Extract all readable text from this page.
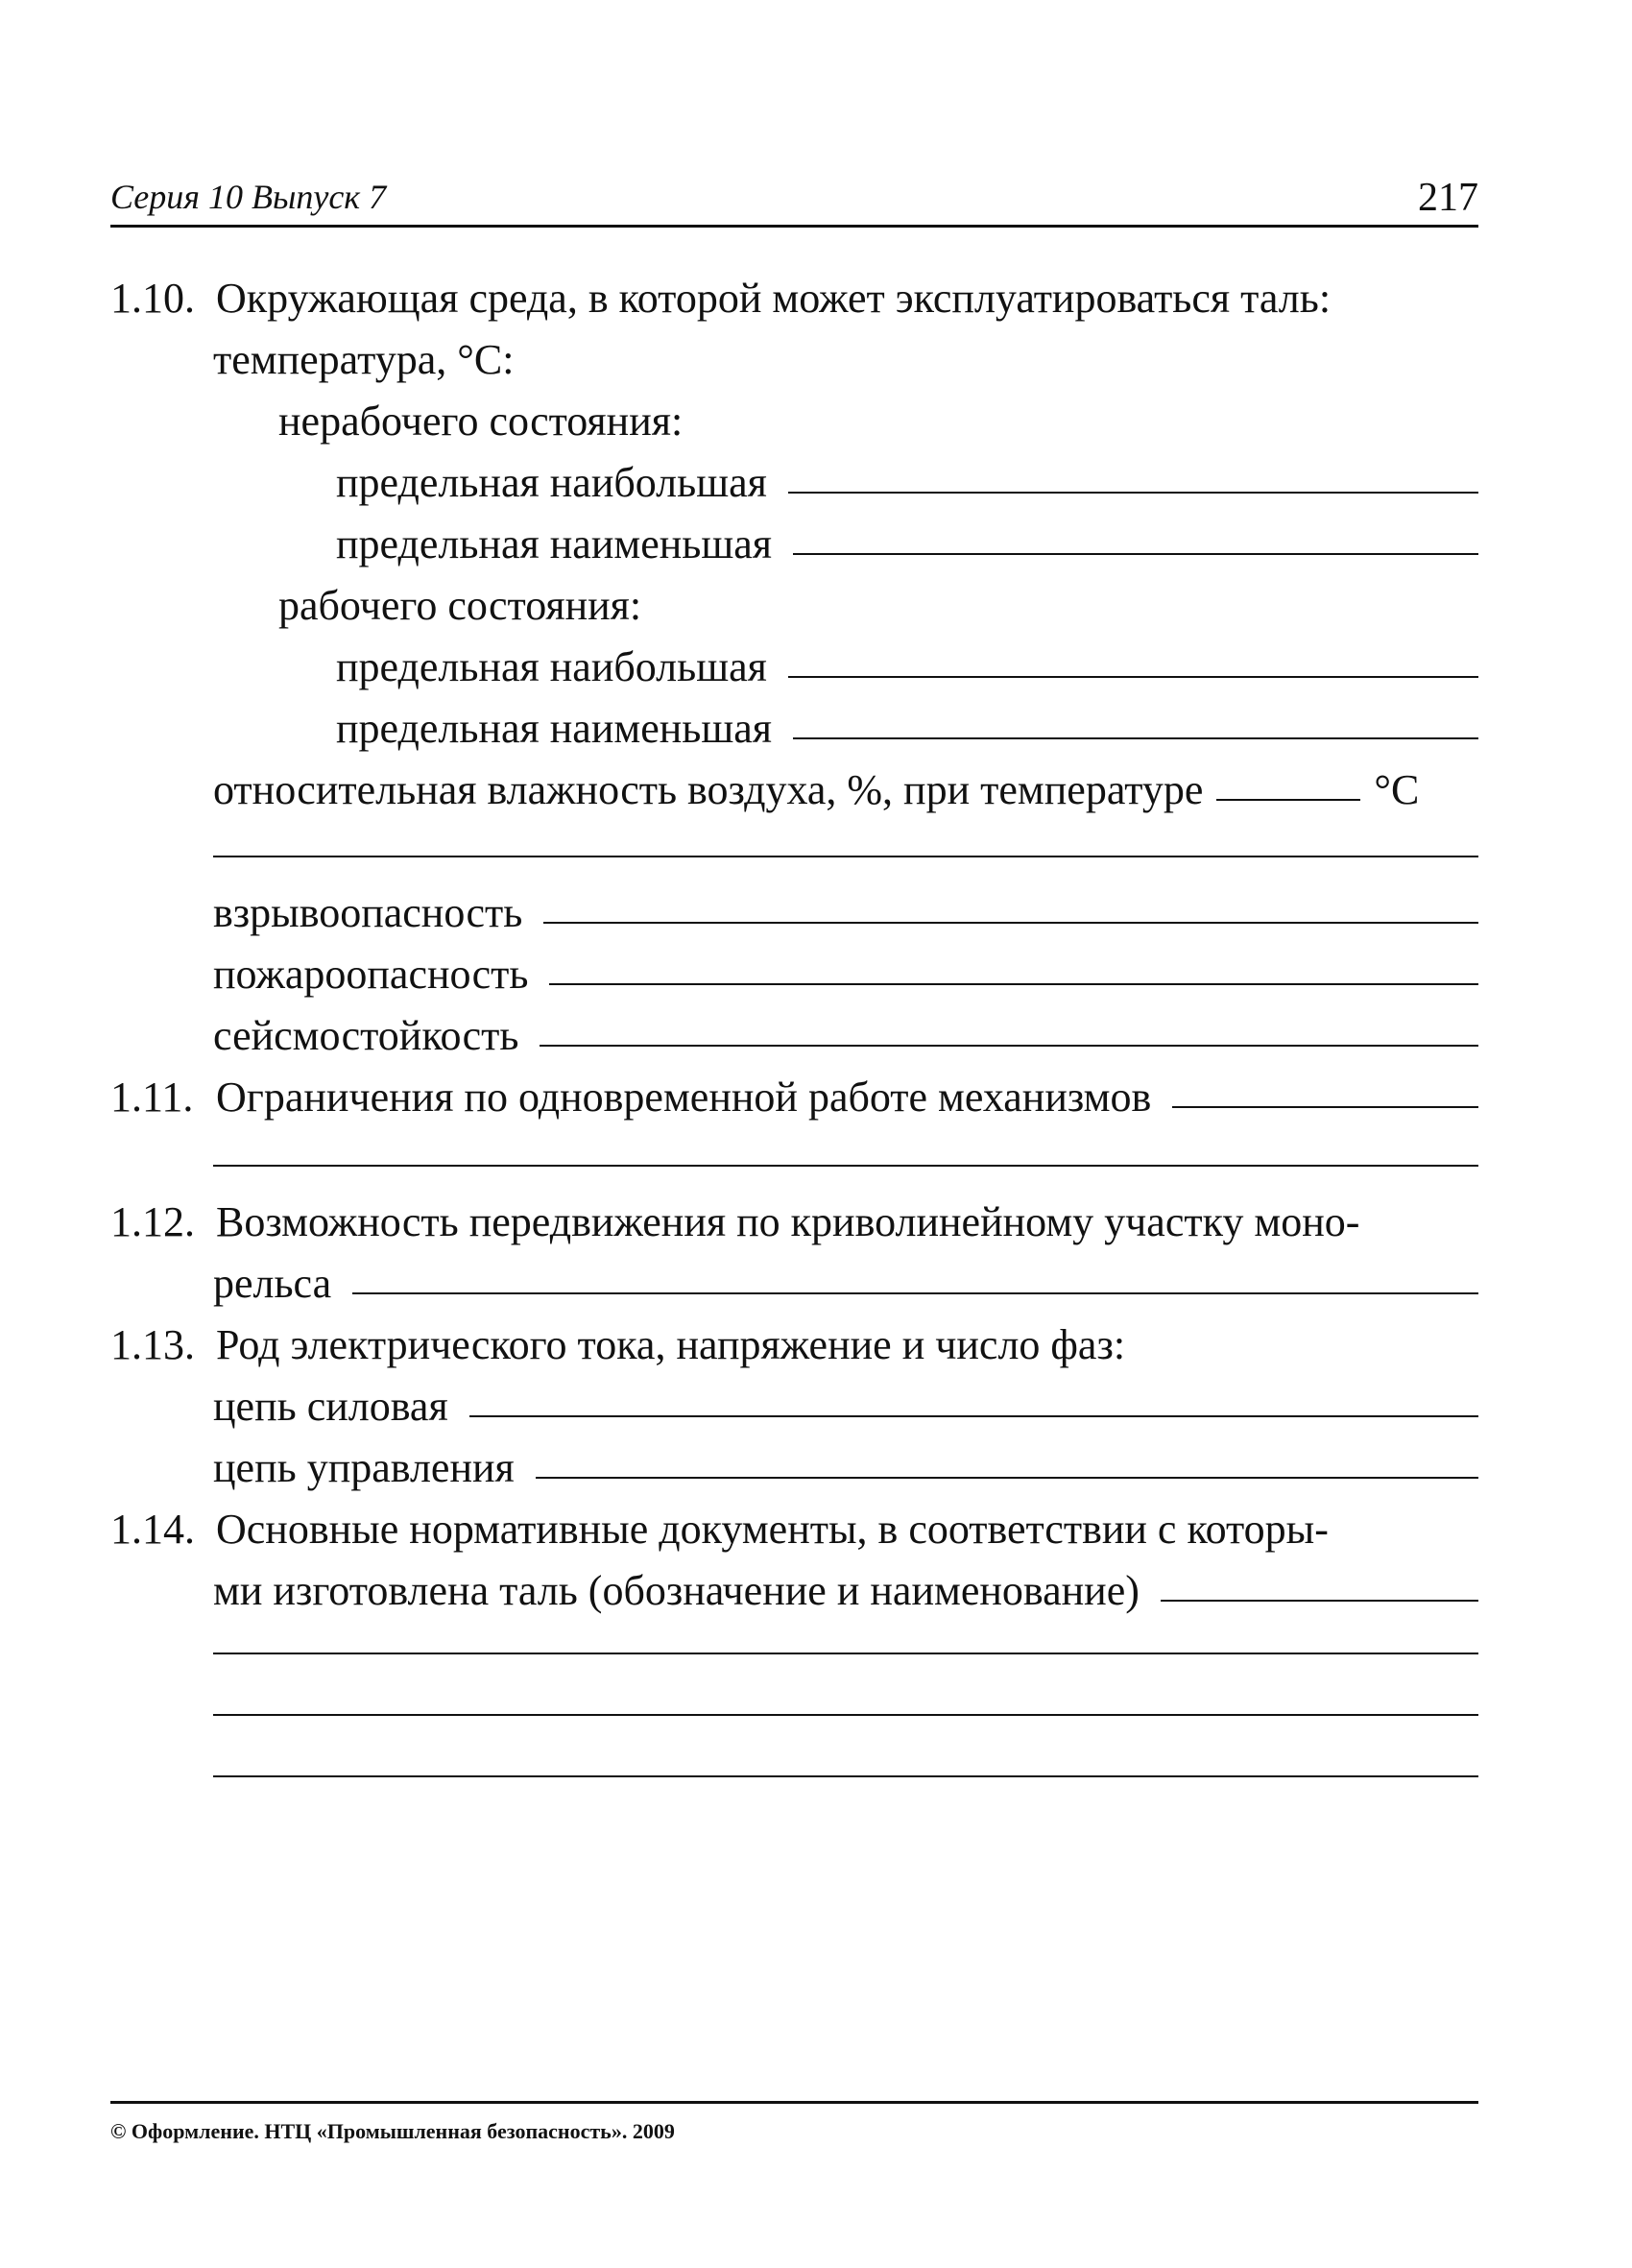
Серия 10 Выпуск 7	217
1.10. Окружающая среда, в которой может эксплуатироваться таль:
температура, °С:
нерабочего состояния:
предельная наибольшая
предельная наименьшая
рабочего состояния:
предельная наибольшая
предельная наименьшая
относительная влажность воздуха, %, при температуре	°С
взрывоопасность
пожароопасность
сейсмостойкость
1.11. Ограничения по одновременной работе механизмов
1.12. Возможность передвижения по криволинейному участку моно-
рельса
1.13. Род электрического тока, напряжение и число фаз:
цепь силовая
цепь управления
1.14. Основные нормативные документы, в соответствии с которы-
ми изготовлена таль (обозначение и наименование)
© Оформление. НТЦ «Промышленная безопасность». 2009
